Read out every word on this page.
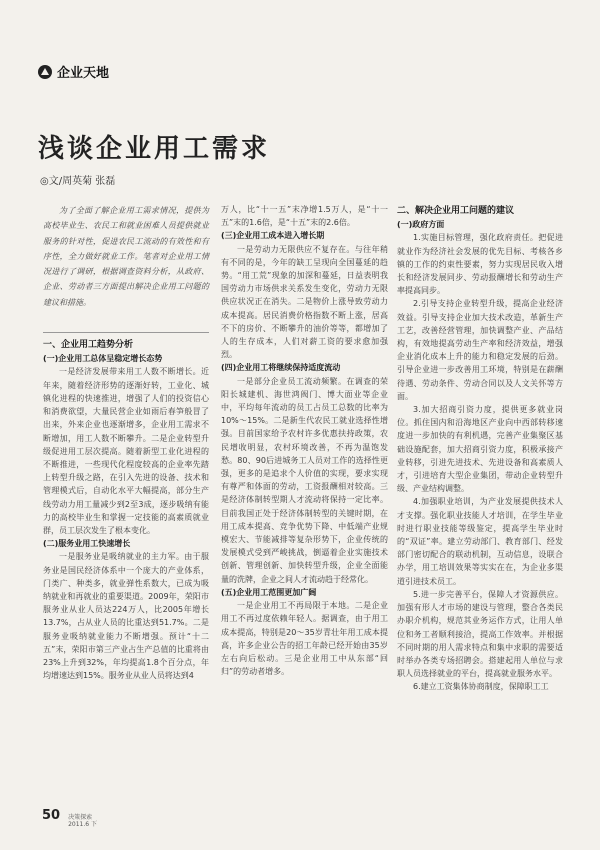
企业天地
浅谈企业用工需求
◎文/周英菊 张磊

为了全面了解企业用工需求情况，提供为高校毕业生、农民工和就业困难人员提供就业服务的针对性，促进农民工流动的有效性和有序性，全力做好就业工作。笔者对企业用工情况进行了调研，根据调查资料分析，从政府、企业、劳动者三方面提出解决企业用工问题的建议和措施。

一、企业用工趋势分析

(一)企业用工总体呈稳定增长态势

一是经济发展带来用工人数不断增长。近年来，随着经济形势的逐渐好转，工业化、城镇化进程的快速推进，增强了人们的投资信心和消费欲望，大量民营企业如雨后春笋般冒了出来，外来企业也逐渐增多，企业用工需求不断增加，用工人数不断攀升。二是企业转型升级促进用工层次提高。随着新型工业化进程的不断推进，一些现代化程度较高的企业率先踏上转型升级之路，在引入先进的设备、技术和管理模式后，自动化水平大幅提高，部分生产线劳动力用工量减少到2至3成，逐步吸纳有能力的高校毕业生和掌握一定技能的高素质就业群，员工层次发生了根本变化。

(二)服务业用工快速增长

一是服务业是吸纳就业的主力军。由于服务业是国民经济体系中一个庞大的产业体系，门类广、种类多，就业弹性系数大，已成为吸纳就业和再就业的重要渠道。2009年，荣阳市服务业从业人员达224万人，比2005年增长13.7%，占从业人员的比重达到51.7%。二是服务业吸纳就业能力不断增强。预计“十二五”末，荣阳市第三产业占生产总值的比重将由23%上升到32%，年均提高1.8个百分点，年均增速达到15%。服务业从业人员将达到4

万人，比“十一五”末净增1.5万人，是“十一五”末的1.6倍，是“十五”末的2.6倍。

(三)企业用工成本进入增长期

一是劳动力无限供应不复存在。与往年稍有不同的是，今年的缺工呈现向全国蔓延的趋势。“用工荒”现象的加深和蔓延，日益表明我国劳动力市场供求关系发生变化，劳动力无限供应状况正在消失。二是物价上涨导致劳动力成本提高。居民消费价格指数不断上涨，居高不下的房价、不断攀升的油价等等，都增加了人的生存成本，人们对薪工资的要求愈加强烈。

(四)企业用工将继续保持适度流动

一是部分企业员工流动频繁。在调查的荣阳长城建机、海世鸿阀门、博大面业等企业中，平均每年流动的员工占员工总数的比率为10%～15%。二是新生代农民工就业选择性增强。目前国家给予农村许多优惠扶持政策，农民增收明显，农村环境改善，不再为温饱发愁。80、90后进城务工人员对工作的选择性更强，更多的是追求个人价值的实现，要求实现有尊严和体面的劳动，工资报酬相对较高。三是经济体制转型期人才流动将保持一定比率。目前我国正处于经济体制转型的关键时期，在用工成本提高、竞争优势下降、中低端产业规模宏大、节能减排等复杂形势下，企业传统的发展模式受到严峻挑战，倒逼着企业实施技术创新、管理创新、加快转型升级，企业全面能量的洗牌，企业之间人才流动趋于经常化。

(五)企业用工范围更加广阔

一是企业用工不再局限于本地。二是企业用工不再过度依赖年轻人。据调查，由于用工成本提高，特别是20～35岁青壮年用工成本提高，许多企业公告的招工年龄已经开始由35岁左右向后松动。三是企业用工中从东部“回归”的劳动者增多。

二、解决企业用工问题的建议

(一)政府方面

1.实施目标管理，强化政府责任。把促进就业作为经济社会发展的优先目标、考核各乡镇的工作的约束性要素，努力实现居民收入增长和经济发展同步、劳动报酬增长和劳动生产率提高同步。

2.引导支持企业转型升级，提高企业经济效益。引导支持企业加大技术改造，革新生产工艺，改善经营管理，加快调整产业、产品结构，有效地提高劳动生产率和经济效益，增强企业消化成本上升的能力和稳定发展的后劲。引导企业进一步改善用工环境，特别是在薪酬待遇、劳动条件、劳动合同以及人文关怀等方面。

3.加大招商引资力度，提供更多就业岗位。抓住国内和沿海地区产业向中西部转移速度进一步加快的有利机遇，完善产业集聚区基础设施配套，加大招商引资力度，积极承接产业转移，引进先进技术、先进设备和高素质人才，引进培育大型企业集团，带动企业转型升级、产业结构调整。

4.加强职业培训，为产业发展提供技术人才支撑。强化职业技能人才培训，在学生毕业时进行职业技能等级鉴定，提高学生毕业时的“双证”率。建立劳动部门、教育部门、经发部门密切配合的联动机制，互动信息，设联合办学，用工培训效果等实实在在，为企业多渠道引进技术员工。

5.进一步完善平台，保障人才资源供应。加强有形人才市场的建设与管理，整合各类民办职介机构，规范其业务运作方式，让用人单位和务工者顺利接洽，提高工作效率。并根据不同时期的用人需求特点和集中求职的需要适时举办各类专场招聘会。搭建起用人单位与求职人员选择就业的平台，提高就业服务水平。

6.建立工资集体协商制度，保障职工工

50 决策探索
2011.6 下
